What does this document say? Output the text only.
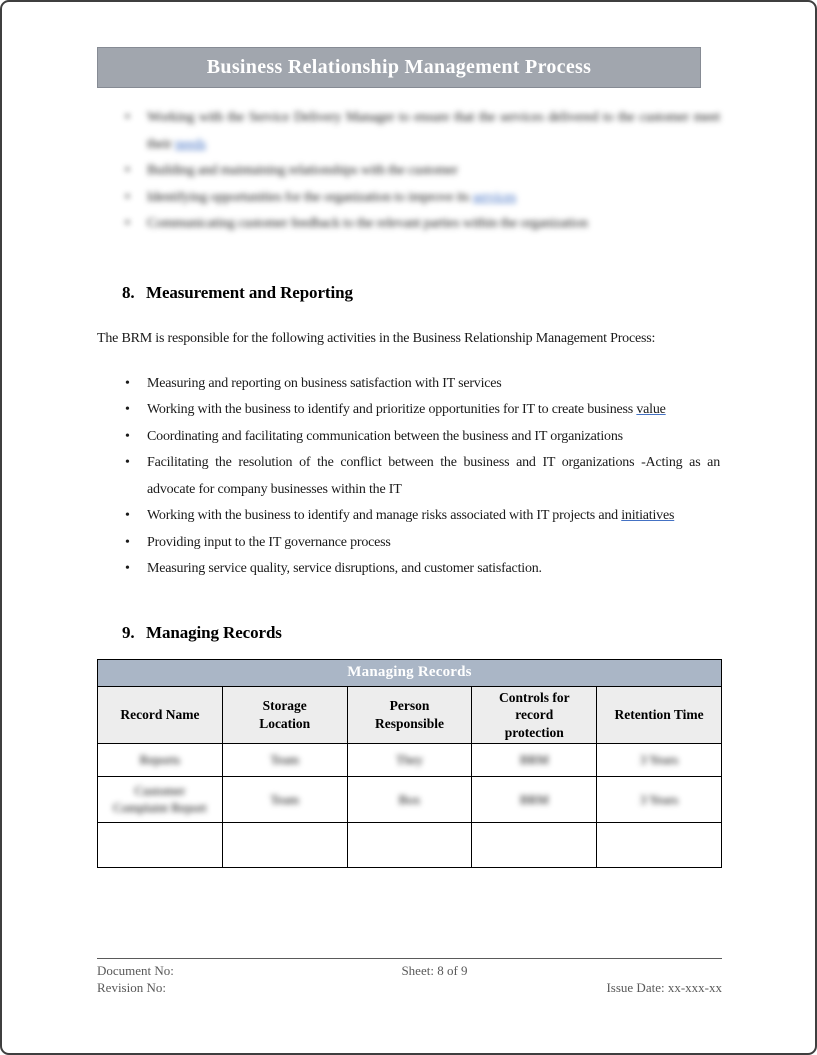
Business Relationship Management Process
• Working with the Service Delivery Manager to ensure that the services delivered to the customer meet their needs
• Building and maintaining relationships with the customer
• Identifying opportunities for the organization to improve its services
• Communicating customer feedback to the relevant parties within the organization
8. Measurement and Reporting

The BRM is responsible for the following activities in the Business Relationship Management Process:

• Measuring and reporting on business satisfaction with IT services
• Working with the business to identify and prioritize opportunities for IT to create business value
• Coordinating and facilitating communication between the business and IT organizations
• Facilitating the resolution of the conflict between the business and IT organizations -Acting as an advocate for company businesses within the IT
• Working with the business to identify and manage risks associated with IT projects and initiatives
• Providing input to the IT governance process
• Measuring service quality, service disruptions, and customer satisfaction.
9. Managing Records
Managing Records				
Record Name	Storage Location	Person Responsible	Controls for record protection	Retention Time
Reports	Team	They	BRM	3 Years
Customer Complaint Report	Team	Box	BRM	3 Years

Document No:
Revision No:
Sheet: 8 of 9
Issue Date: xx-xxx-xx
